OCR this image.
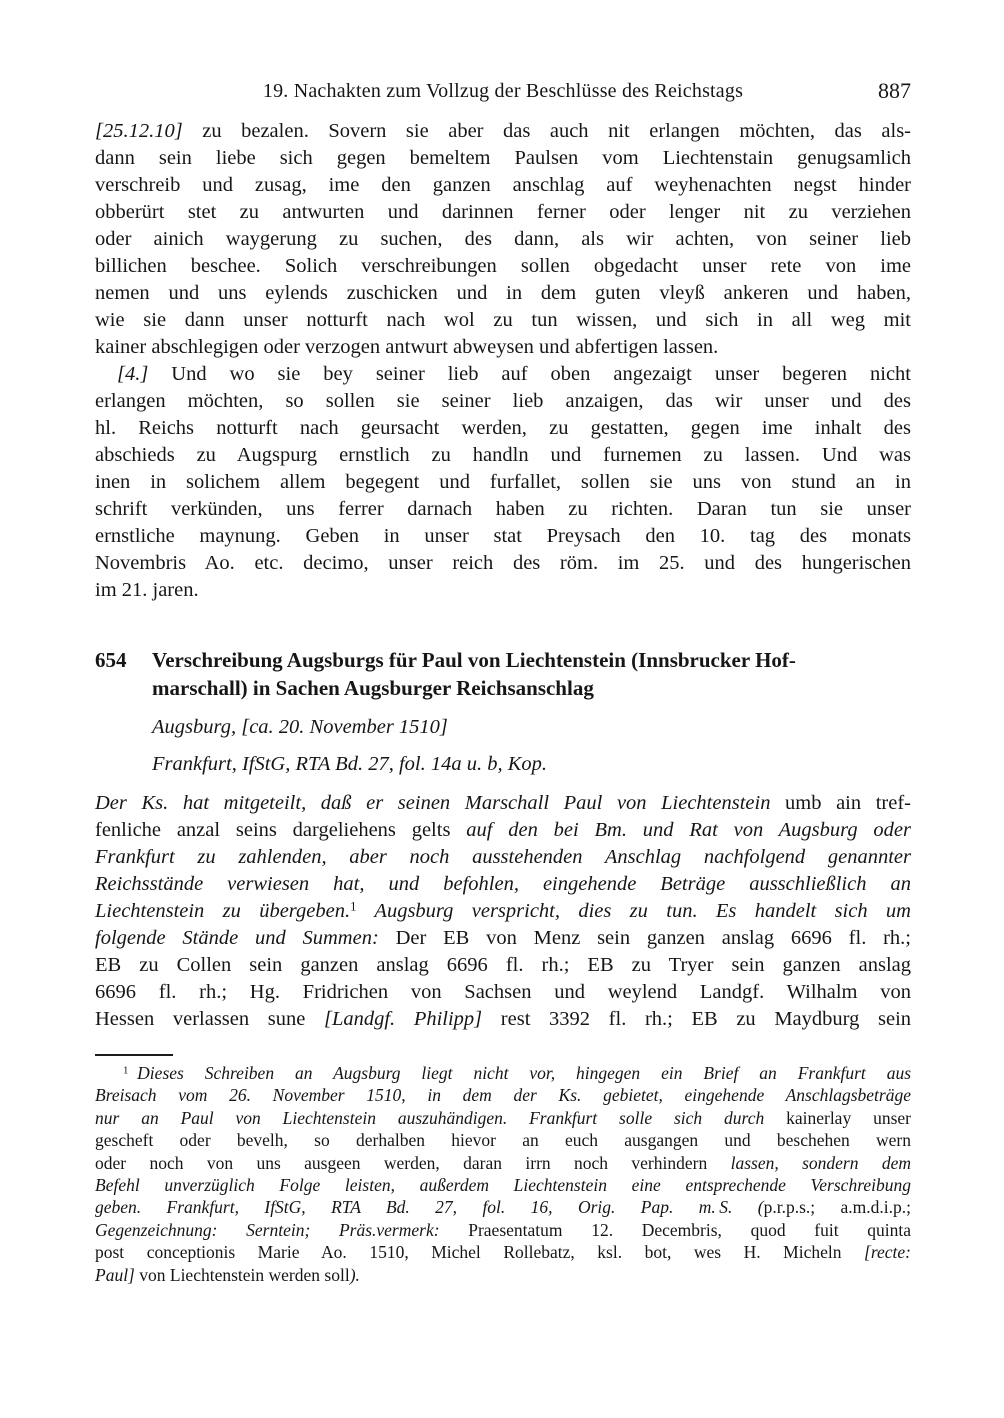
19. Nachakten zum Vollzug der Beschlüsse des Reichstags	887
[25.12.10] zu bezalen. Sovern sie aber das auch nit erlangen möchten, das als-
dann sein liebe sich gegen bemeltem Paulsen vom Liechtenstain genugsamlich
verschreib und zusag, ime den ganzen anschlag auf weyhenachten negst hinder
obberürt stet zu antwurten und darinnen ferner oder lenger nit zu verziehen
oder ainich waygerung zu suchen, des dann, als wir achten, von seiner lieb
billichen beschee. Solich verschreibungen sollen obgedacht unser rete von ime
nemen und uns eylends zuschicken und in dem guten vleyß ankeren und haben,
wie sie dann unser notturft nach wol zu tun wissen, und sich in all weg mit
kainer abschlegigen oder verzogen antwurt abweysen und abfertigen lassen.
[4.] Und wo sie bey seiner lieb auf oben angezaigt unser begeren nicht
erlangen möchten, so sollen sie seiner lieb anzaigen, das wir unser und des
hl. Reichs notturft nach geursacht werden, zu gestatten, gegen ime inhalt des
abschieds zu Augspurg ernstlich zu handln und furnemen zu lassen. Und was
inen in solichem allem begegent und furfallet, sollen sie uns von stund an in
schrift verkünden, uns ferrer darnach haben zu richten. Daran tun sie unser
ernstliche maynung. Geben in unser stat Preysach den 10. tag des monats
Novembris Ao. etc. decimo, unser reich des röm. im 25. und des hungerischen
im 21. jaren.
654	Verschreibung Augsburgs für Paul von Liechtenstein (Innsbrucker Hof-
marschall) in Sachen Augsburger Reichsanschlag
Augsburg, [ca. 20. November 1510]
Frankfurt, IfStG, RTA Bd. 27, fol. 14a u. b, Kop.
Der Ks. hat mitgeteilt, daß er seinen Marschall Paul von Liechtenstein umb ain tref-
fenliche anzal seins dargeliehens gelts auf den bei Bm. und Rat von Augsburg oder
Frankfurt zu zahlenden, aber noch ausstehenden Anschlag nachfolgend genannter
Reichsstände verwiesen hat, und befohlen, eingehende Beträge ausschließlich an
Liechtenstein zu übergeben.$^1$ Augsburg verspricht, dies zu tun. Es handelt sich um
folgende Stände und Summen: Der EB von Menz sein ganzen anslag 6696 fl. rh.;
EB zu Collen sein ganzen anslag 6696 fl. rh.; EB zu Tryer sein ganzen anslag
6696 fl. rh.; Hg. Fridrichen von Sachsen und weylend Landgf. Wilhalm von
Hessen verlassen sune [Landgf. Philipp] rest 3392 fl. rh.; EB zu Maydburg sein
$^1$ Dieses Schreiben an Augsburg liegt nicht vor, hingegen ein Brief an Frankfurt aus
Breisach vom 26. November 1510, in dem der Ks. gebietet, eingehende Anschlagsbeträge
nur an Paul von Liechtenstein auszuhändigen. Frankfurt solle sich durch kainerlay unser
gescheft oder bevelh, so derhalben hievor an euch ausgangen und beschehen wern
oder noch von uns ausgeen werden, daran irrn noch verhindern lassen, sondern dem
Befehl unverzüglich Folge leisten, außerdem Liechtenstein eine entsprechende Verschreibung
geben. Frankfurt, IfStG, RTA Bd. 27, fol. 16, Orig. Pap. m. S. (p.r.p.s.; a.m.d.i.p.;
Gegenzeichnung: Serntein; Präs.vermerk: Praesentatum 12. Decembris, quod fuit quinta
post conceptionis Marie Ao. 1510, Michel Rollebatz, ksl. bot, wes H. Micheln [recte:
Paul] von Liechtenstein werden soll).
